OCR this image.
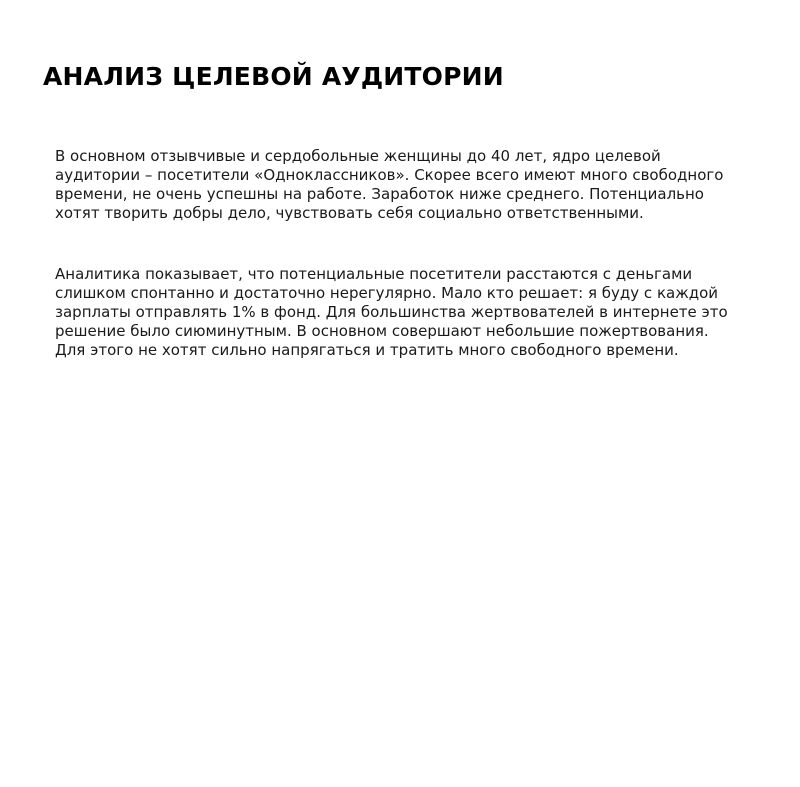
АНАЛИЗ ЦЕЛЕВОЙ АУДИТОРИИ

В основном отзывчивые и сердобольные женщины до 40 лет, ядро целевой аудитории – посетители «Одноклассников». Скорее всего имеют много свободного времени, не очень успешны на работе. Заработок ниже среднего. Потенциально хотят творить добры дело, чувствовать себя социально ответственными.

Аналитика показывает, что потенциальные посетители расстаются с деньгами слишком спонтанно и достаточно нерегулярно. Мало кто решает: я буду с каждой зарплаты отправлять 1% в фонд. Для большинства жертвователей в интернете это решение было сиюминутным. В основном совершают небольшие пожертвования. Для этого не хотят сильно напрягаться и тратить много свободного времени.
